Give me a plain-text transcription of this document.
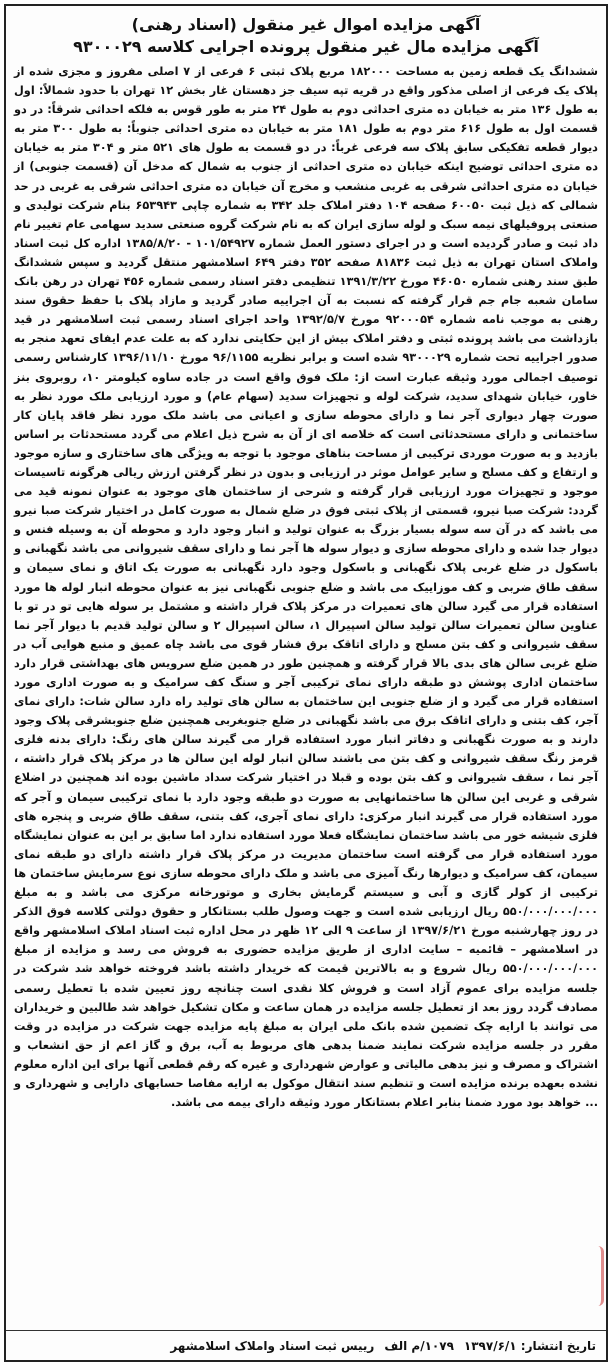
آگهی مزایده اموال غیر منقول (اسناد رهنی)
آگهی مزایده مال غیر منقول پرونده اجرایی کلاسه ۹۳۰۰۰۲۹
ششدانگ یک قطعه زمین به مساحت ۱۸۲۰۰۰ مربع پلاک ثبتی ۶ فرعی از ۷ اصلی مفروز و مجزی شده از پلاک یک فرعی از اصلی مذکور واقع در قریه تپه سیف جز دهستان غار بخش ۱۲ تهران با حدود شمالاً: اول به طول ۱۳۶ متر به خیابان ده متری احداثی دوم به طول ۲۴ متر به طور قوس به فلکه احداثی شرقاً: در دو قسمت اول به طول ۶۱۶ متر دوم به طول ۱۸۱ متر به خیابان ده متری احداثی جنوباً: به طول ۳۰۰ متر به دیوار قطعه تفکیکی سابق پلاک سه فرعی غرباً: در دو قسمت به طول های ۵۲۱ متر و ۳۰۴ متر به خیابان ده متری احداثی توضیح اینکه خیابان ده متری احداثی از جنوب به شمال که مدخل آن (قسمت جنوبی) از خیابان ده متری احداثی شرقی به غربی منشعب و مخرج آن خیابان ده متری احداثی شرقی به غربی در حد شمالی که ذیل ثبت ۶۰۰۵۰ صفحه ۱۰۴ دفتر املاک جلد ۳۴۲ به شماره چاپی ۶۵۳۹۴۳ بنام شرکت تولیدی و صنعتی پروفیلهای نیمه سبک و لوله سازی ایران که به نام شرکت گروه صنعتی سدید سهامی عام تغییر نام داد ثبت و صادر گردیده است و در اجرای دستور العمل شماره ۱۰۱/۵۴۹۲۷ - ۱۳۸۵/۸/۲۰ اداره کل ثبت اسناد واملاک استان تهران به ذیل ثبت ۸۱۸۳۶ صفحه ۳۵۲ دفتر ۶۴۹ اسلامشهر منتقل گردید و سپس ششدانگ طبق سند رهنی شماره ۴۶۰۵۰ مورخ ۱۳۹۱/۳/۲۲ تنظیمی دفتر اسناد رسمی شماره ۴۵۶ تهران در رهن بانک سامان شعبه جام جم قرار گرفته که نسبت به آن اجراییه صادر گردید و مازاد پلاک با حفظ حقوق سند رهنی به موجب نامه شماره ۹۲۰۰۰۵۴ مورخ ۱۳۹۲/۵/۷ واحد اجرای اسناد رسمی ثبت اسلامشهر در قید بازداشت می باشد پرونده ثبتی و دفتر املاک بیش از این حکایتی ندارد که به علت عدم ایفای تعهد منجر به صدور اجراییه تحت شماره ۹۳۰۰۰۲۹ شده است و برابر نظریه ۹۶/۱۱۵۵ مورخ ۱۳۹۶/۱۱/۱۰ کارشناس رسمی توصیف اجمالی مورد وثیقه عبارت است از: ملک فوق واقع است در جاده ساوه کیلومتر ۱۰، روبروی بنز خاور، خیابان شهدای سدید، شرکت لوله و تجهیزات سدید (سهام عام) و مورد ارزیابی ملک مورد نظر به صورت چهار دیواری آجر نما و دارای محوطه سازی و اعیانی می باشد ملک مورد نظر فاقد پایان کار ساختمانی و دارای مستحدثاتی است که خلاصه ای از آن به شرح ذیل اعلام می گردد مستحدثات بر اساس بازدید و به صورت موردی ترکیبی از مساحت بناهای موجود با توجه به ویژگی های ساختاری و سازه موجود و ارتفاع و کف مسلح و سایر عوامل موثر در ارزیابی و بدون در نظر گرفتن ارزش ریالی هرگونه تاسیسات موجود و تجهیزات مورد ارزیابی قرار گرفته و شرحی از ساختمان های موجود به عنوان نمونه قید می گردد: شرکت صبا نیرو، قسمتی از پلاک ثبتی فوق در ضلع شمال به صورت کامل در اختیار شرکت صبا نیرو می باشد که در آن سه سوله بسیار بزرگ به عنوان تولید و انبار وجود دارد و محوطه آن به وسیله فنس و دیوار جدا شده و دارای محوطه سازی و دیوار سوله ها آجر نما و دارای سقف شیروانی می باشد نگهبانی و باسکول در ضلع غربی پلاک نگهبانی و باسکول وجود دارد نگهبانی به صورت یک اتاق و نمای سیمان و سقف طاق ضربی و کف موزاییک می باشد و ضلع جنوبی نگهبانی نیز به عنوان محوطه انبار لوله ها مورد استفاده قرار می گیرد سالن های تعمیرات در مرکز پلاک قرار داشته و مشتمل بر سوله هایی تو در تو با عناوین سالن تعمیرات سالن تولید سالن اسپیرال ۱، سالن اسپیرال ۲ و سالن تولید قدیم با دیوار آجر نما سقف شیروانی و کف بتن مسلح و دارای اتاقک برق فشار قوی می باشد چاه عمیق و منبع هوایی آب در ضلع غربی سالن های بدی بالا قرار گرفته و همچنین طور در همین ضلع سرویس های بهداشتی قرار دارد ساختمان اداری پوشش دو طبقه دارای نمای ترکیبی آجر و سنگ کف سرامیک و به صورت اداری مورد استفاده قرار می گیرد و از ضلع جنوبی این ساختمان به سالن های تولید راه دارد سالن شات: دارای نمای آجر، کف بتنی و دارای اتاقک برق می باشد نگهبانی در ضلع جنوبغربی همچنین ضلع جنوبشرقی پلاک وجود دارند و به صورت نگهبانی و دفاتر انبار مورد استفاده قرار می گیرند سالن های رنگ: دارای بدنه فلزی قرمز رنگ سقف شیروانی و کف بتن می باشند سالن انبار لوله این سالن ها در مرکز پلاک قرار داشته ، آجر نما ، سقف شیروانی و کف بتن بوده و قبلا در اختیار شرکت سداد ماشین بوده اند همچنین در اضلاع شرقی و غربی این سالن ها ساختمانهایی به صورت دو طبقه وجود دارد با نمای ترکیبی سیمان و آجر که مورد استفاده قرار می گیرند انبار مرکزی: دارای نمای آجری، کف بتنی، سقف طاق ضربی و پنجره های فلزی شیشه خور می باشد ساختمان نمایشگاه فعلا مورد استفاده ندارد اما سابق بر این به عنوان نمایشگاه مورد استفاده قرار می گرفته است ساختمان مدیریت در مرکز پلاک قرار داشته دارای دو طبقه نمای سیمان، کف سرامیک و دیوارها رنگ آمیزی می باشد و ملک دارای محوطه سازی نوع سرمایش ساختمان ها ترکیبی از کولر گازی و آبی و سیستم گرمایش بخاری و موتورخانه مرکزی می باشد و به مبلغ ۵۵۰/۰۰۰/۰۰۰/۰۰۰ ریال ارزیابی شده است و جهت وصول طلب بستانکار و حقوق دولتی کلاسه فوق الذکر در روز چهارشنبه مورخ ۱۳۹۷/۶/۲۱ از ساعت ۹ الی ۱۲ ظهر در محل اداره ثبت اسناد املاک اسلامشهر واقع در اسلامشهر – قائمیه – سایت اداری از طریق مزایده حضوری به فروش می رسد و مزایده از مبلغ ۵۵۰/۰۰۰/۰۰۰/۰۰۰ ریال شروع و به بالاترین قیمت که خریدار داشته باشد فروخته خواهد شد شرکت در جلسه مزایده برای عموم آزاد است و فروش کلا نقدی است چنانچه روز تعیین شده با تعطیل رسمی مصادف گردد روز بعد از تعطیل جلسه مزایده در همان ساعت و مکان تشکیل خواهد شد طالبین و خریداران می توانند با ارایه چک تضمین شده بانک ملی ایران به مبلغ پایه مزایده جهت شرکت در مزایده در وقت مقرر در جلسه مزایده شرکت نمایند ضمنا بدهی های مربوط به آب، برق و گاز اعم از حق انشعاب و اشتراک و مصرف و نیز بدهی مالیاتی و عوارض شهرداری و غیره که رقم قطعی آنها برای این اداره معلوم نشده بعهده برنده مزایده است و تنظیم سند انتقال موکول به ارایه مفاصا حسابهای دارایی و شهرداری و ... خواهد بود مورد ضمنا بنابر اعلام بستانکار مورد وثیقه دارای بیمه می باشد.
تاریخ انتشار: ۱۳۹۷/۶/۱
۱۰۷۹/م الف
رییس ثبت اسناد واملاک اسلامشهر
